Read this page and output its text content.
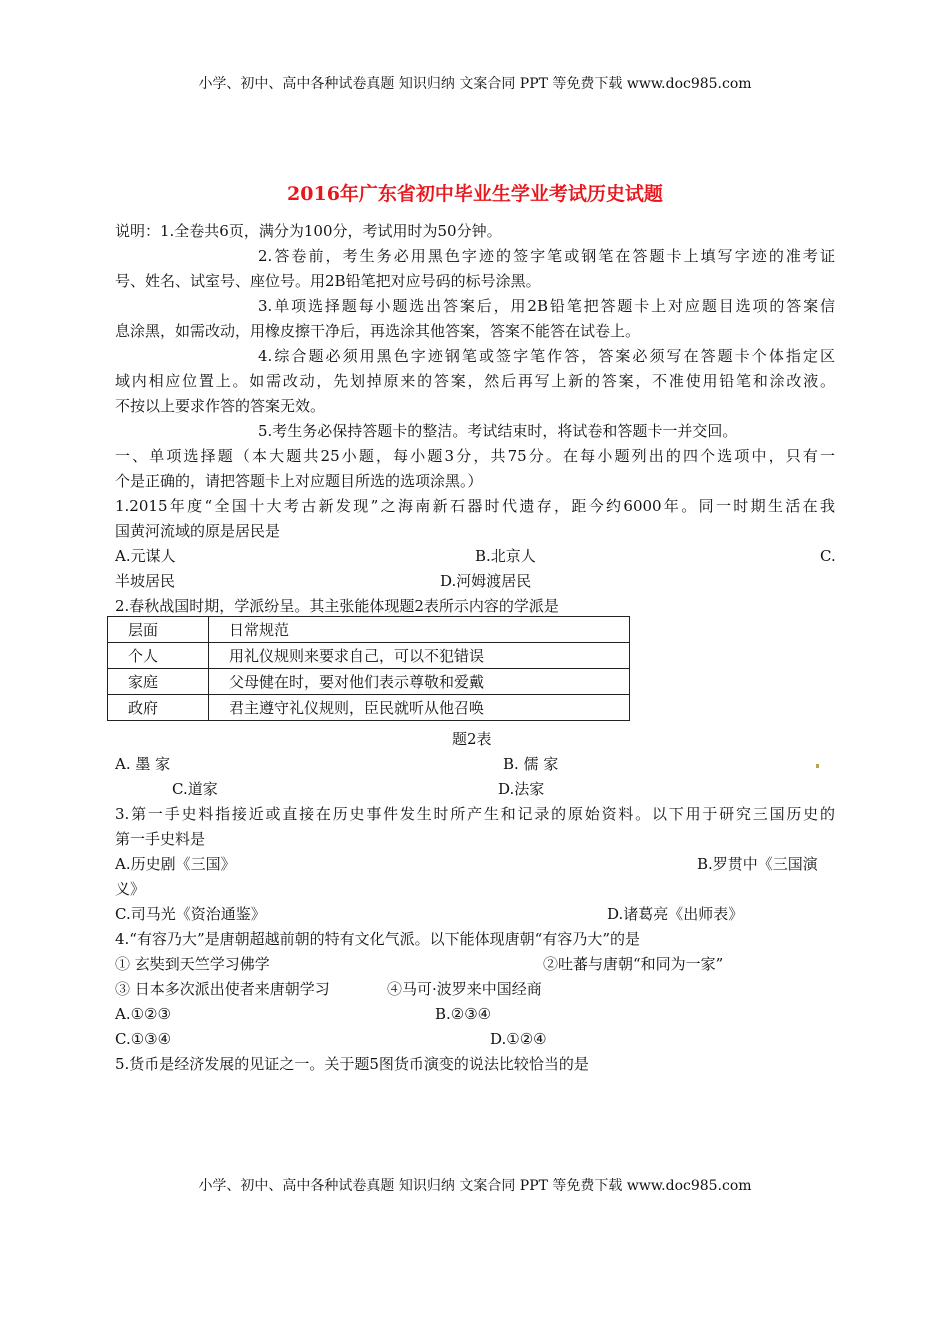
小学、初中、高中各种试卷真题 知识归纳 文案合同 PPT 等免费下载 www.doc985.com
2016年广东省初中毕业生学业考试历史试题
说明：1.全卷共6页，满分为100分，考试用时为50分钟。
2.答卷前，考生务必用黑色字迹的签字笔或钢笔在答题卡上填写字迹的准考证
号、姓名、试室号、座位号。用2B铅笔把对应号码的标号涂黑。
3.单项选择题每小题选出答案后，用2B铅笔把答题卡上对应题目选项的答案信
息涂黑，如需改动，用橡皮擦干净后，再选涂其他答案，答案不能答在试卷上。
4.综合题必须用黑色字迹钢笔或签字笔作答，答案必须写在答题卡个体指定区
域内相应位置上。如需改动，先划掉原来的答案，然后再写上新的答案，不准使用铅笔和涂改液。
不按以上要求作答的答案无效。
5.考生务必保持答题卡的整洁。考试结束时，将试卷和答题卡一并交回。
一、单项选择题（本大题共25小题，每小题3分，共75分。在每小题列出的四个选项中，只有一
个是正确的，请把答题卡上对应题目所选的选项涂黑。）
1.2015年度“全国十大考古新发现”之海南新石器时代遗存，距今约6000年。同一时期生活在我
国黄河流域的原是居民是
A.元谋人	B.北京人	C.
半坡居民	D.河姆渡居民
2.春秋战国时期，学派纷呈。其主张能体现题2表所示内容的学派是
层面	日常规范
个人	用礼仪规则来要求自己，可以不犯错误
家庭	父母健在时，要对他们表示尊敬和爱戴
政府	君主遵守礼仪规则，臣民就听从他召唤
题2表
A. 墨 家	B. 儒 家
C.道家	D.法家
3.第一手史料指接近或直接在历史事件发生时所产生和记录的原始资料。以下用于研究三国历史的
第一手史料是
A.历史剧《三国》	B.罗贯中《三国演
义》
C.司马光《资治通鉴》	D.诸葛亮《出师表》
4.“有容乃大”是唐朝超越前朝的特有文化气派。以下能体现唐朝“有容乃大”的是
① 玄奘到天竺学习佛学	②吐蕃与唐朝“和同为一家”
③ 日本多次派出使者来唐朝学习	④马可·波罗来中国经商
A.①②③	B.②③④
C.①③④	D.①②④
5.货币是经济发展的见证之一。关于题5图货币演变的说法比较恰当的是
小学、初中、高中各种试卷真题 知识归纳 文案合同 PPT 等免费下载 www.doc985.com
